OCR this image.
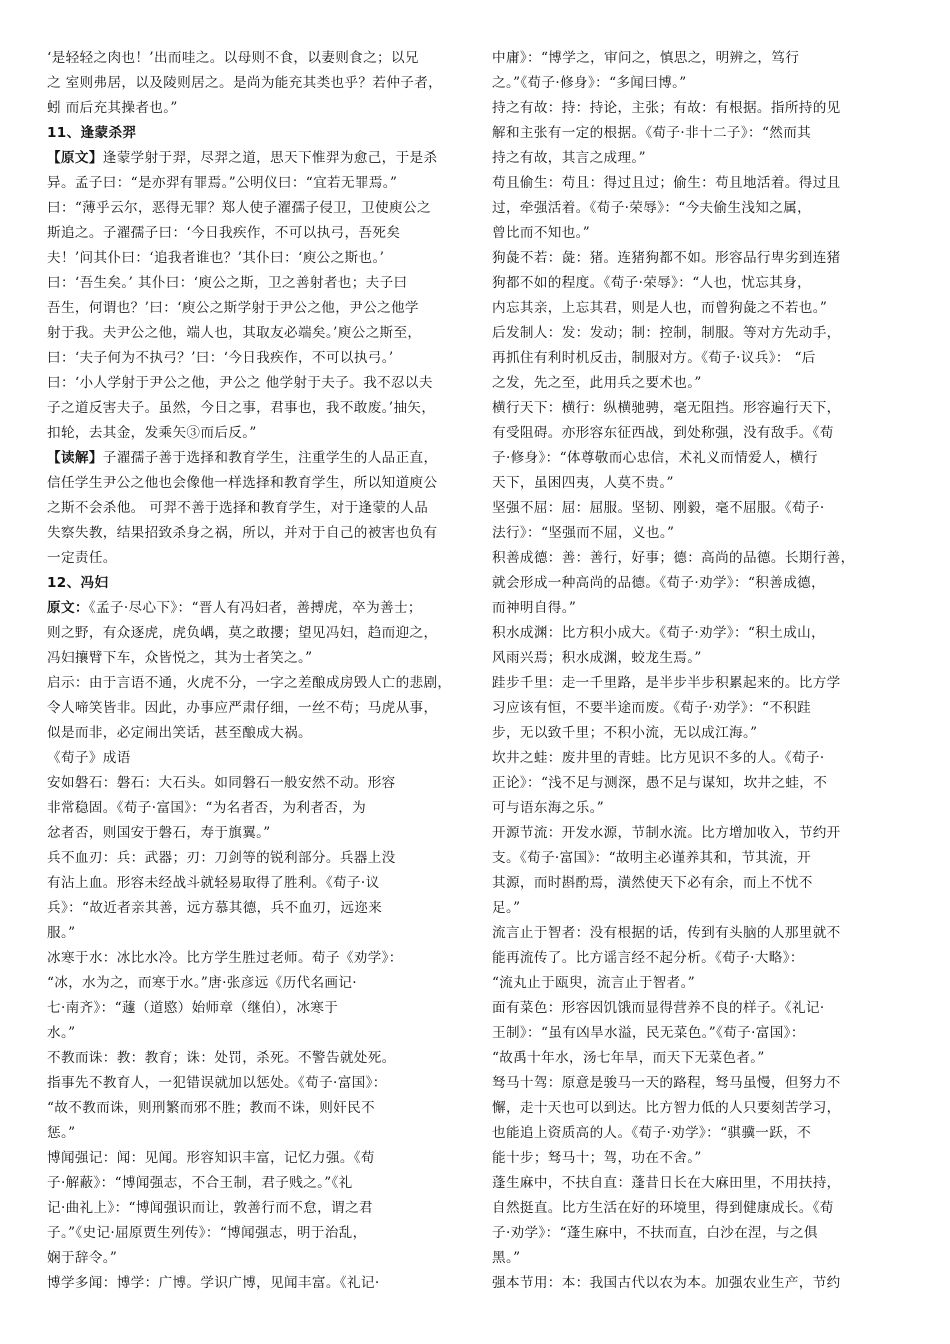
‘是轻轻之肉也！’出而哇之。以母则不食，以妻则食之；以兄
之 室则弗居，以及陵则居之。是尚为能充其类也乎？若仲子者，
蚓 而后充其操者也。”
11、逢蒙杀羿
【原文】逢蒙学射于羿，尽羿之道，思天下惟羿为愈己，于是杀
异。孟子曰：“是亦羿有罪焉。”公明仪曰：“宜若无罪焉。”
曰：“薄乎云尔，恶得无罪？郑人使子濯孺子侵卫，卫使庾公之
斯追之。子濯孺子曰：‘今日我疾作，不可以执弓，吾死矣
夫！’问其仆曰：‘追我者谁也？’其仆曰：‘庾公之斯也。’
曰：‘吾生矣。’ 其仆曰：‘庾公之斯，卫之善射者也；夫子曰
吾生，何谓也？’曰：‘庾公之斯学射于尹公之他，尹公之他学
射于我。夫尹公之他，端人也，其取友必端矣。’庾公之斯至，
曰：‘夫子何为不执弓？’曰：‘今日我疾作，不可以执弓。’
曰：‘小人学射于尹公之他，尹公之 他学射于夫子。我不忍以夫
子之道反害夫子。虽然，今日之事，君事也，我不敢废。’抽矢，
扣轮，去其金，发乘矢③而后反。”
【读解】子濯孺子善于选择和教育学生，注重学生的人品正直，
信任学生尹公之他也会像他一样选择和教育学生，所以知道庾公
之斯不会杀他。 可羿不善于选择和教育学生，对于逢蒙的人品
失察失教，结果招致杀身之祸，所以，并对于自己的被害也负有
一定责任。
12、冯妇
原文：《孟子·尽心下》：“晋人有冯妇者，善搏虎，卒为善士；
则之野，有众逐虎，虎负嵎，莫之敢攖；望见冯妇，趋而迎之，
冯妇攘臂下车，众皆悦之，其为士者笑之。”
启示：由于言语不通，火虎不分，一字之差酿成房毁人亡的悲剧，
令人啼笑皆非。因此，办事应严肃仔细，一丝不苟；马虎从事，
似是而非，必定闹出笑话，甚至酿成大祸。
《荀子》成语
安如磐石：磐石：大石头。如同磐石一般安然不动。形容
非常稳固。《荀子·富国》：“为名者否，为利者否，为
忿者否，则国安于磐石，寿于旗翼。”
兵不血刃：兵：武器；刃：刀剑等的锐利部分。兵器上没
有沾上血。形容未经战斗就轻易取得了胜利。《荀子·议
兵》：“故近者亲其善，远方慕其德，兵不血刃，远迩来
服。”
冰寒于水：冰比水冷。比方学生胜过老师。荀子《劝学》：
“冰，水为之，而寒于水。”唐·张彦远《历代名画记·
七·南齐》：“蘧（道愍）始师章（继伯），冰寒于
水。”
不教而诛：教：教育；诛：处罚，杀死。不警告就处死。
指事先不教育人，一犯错误就加以惩处。《荀子·富国》：
“故不教而诛，则刑繁而邪不胜；教而不诛，则奸民不
惩。”
博闻强记：闻：见闻。形容知识丰富，记忆力强。《荀
子·解蔽》：“博闻强志，不合王制，君子贱之。”《礼
记·曲礼上》：“博闻强识而让，敦善行而不怠，谓之君
子。”《史记·屈原贾生列传》：“博闻强志，明于治乱，
娴于辞令。”
博学多闻：博学：广博。学识广博，见闻丰富。《礼记·
中庸》：“博学之，审问之，慎思之，明辨之，笃行
之。”《荀子·修身》：“多闻曰博。”
持之有故：持：持论，主张；有故：有根据。指所持的见
解和主张有一定的根据。《荀子·非十二子》：“然而其
持之有故，其言之成理。”
苟且偷生：苟且：得过且过；偷生：苟且地活着。得过且
过，牵强活着。《荀子·荣辱》：“今夫偷生浅知之属，
曾比而不知也。”
狗彘不若：彘：猪。连猪狗都不如。形容品行卑劣到连猪
狗都不如的程度。《荀子·荣辱》：“人也，忧忘其身，
内忘其亲，上忘其君，则是人也，而曾狗彘之不若也。”
后发制人：发：发动；制：控制，制服。等对方先动手，
再抓住有利时机反击，制服对方。《荀子·议兵》： “后
之发，先之至，此用兵之要术也。”
横行天下：横行：纵横驰骋，毫无阻挡。形容遍行天下，
有受阻碍。亦形容东征西战，到处称强，没有敌手。《荀
子·修身》：“体尊敬而心忠信，术礼义而情爱人，横行
天下，虽困四夷，人莫不贵。”
坚强不屈：屈：屈服。坚韧、刚毅，毫不屈服。《荀子·
法行》：“坚强而不屈，义也。”
积善成德：善：善行，好事；德：高尚的品德。长期行善，
就会形成一种高尚的品德。《荀子·劝学》：“积善成德，
而神明自得。”
积水成渊：比方积小成大。《荀子·劝学》：“积土成山，
风雨兴焉；积水成渊，蛟龙生焉。”
跬步千里：走一千里路，是半步半步积累起来的。比方学
习应该有恒，不要半途而废。《荀子·劝学》：“不积跬
步，无以致千里；不积小流，无以成江海。”
坎井之蛙：废井里的青蛙。比方见识不多的人。《荀子·
正论》：“浅不足与测深，愚不足与谋知，坎井之蛙，不
可与语东海之乐。”
开源节流：开发水源，节制水流。比方增加收入，节约开
支。《荀子·富国》：“故明主必谨养其和，节其流，开
其源，而时斟酌焉，潢然使天下必有余，而上不忧不
足。”
流言止于智者：没有根据的话，传到有头脑的人那里就不
能再流传了。比方谣言经不起分析。《荀子·大略》：
“流丸止于瓯臾，流言止于智者。”
面有菜色：形容因饥饿而显得营养不良的样子。《礼记·
王制》：“虽有凶旱水溢，民无菜色。”《荀子·富国》：
“故禹十年水，汤七年旱，而天下无菜色者。”
驽马十驾：原意是骏马一天的路程，驽马虽慢，但努力不
懈，走十天也可以到达。比方智力低的人只要刻苦学习，
也能追上资质高的人。《荀子·劝学》：“骐骥一跃，不
能十步；驽马十；驾，功在不舍。”
蓬生麻中，不扶自直：蓬昔日长在大麻田里，不用扶持，
自然挺直。比方生活在好的环境里，得到健康成长。《荀
子·劝学》：“蓬生麻中，不扶而直，白沙在涅，与之俱
黑。”
强本节用：本：我国古代以农为本。加强农业生产，节约
